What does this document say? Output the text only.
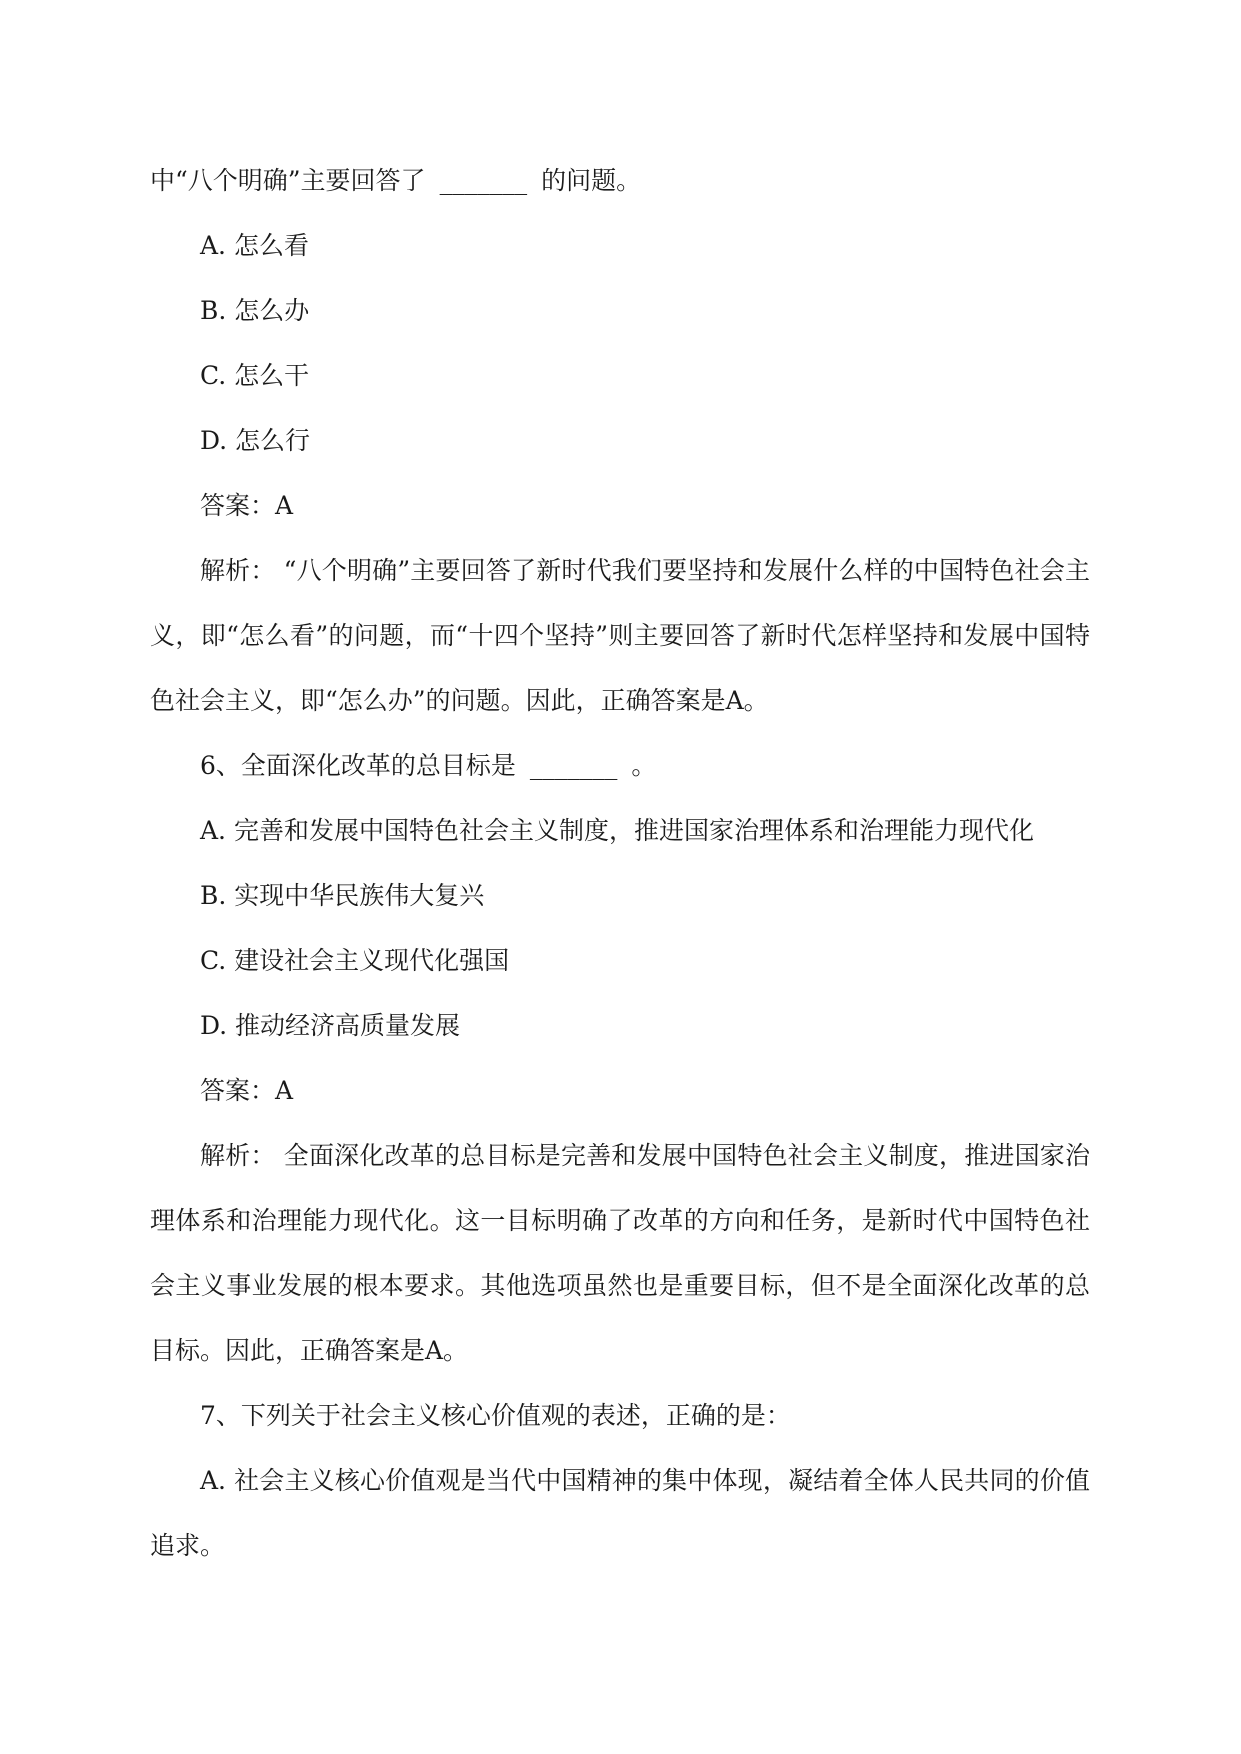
中“八个明确”主要回答了 _______ 的问题。
A. 怎么看
B. 怎么办
C. 怎么干
D. 怎么行
答案：A
解析： “八个明确”主要回答了新时代我们要坚持和发展什么样的中国特色社会主义，即“怎么看”的问题，而“十四个坚持”则主要回答了新时代怎样坚持和发展中国特色社会主义，即“怎么办”的问题。因此，正确答案是A。
6、全面深化改革的总目标是 _______ 。
A. 完善和发展中国特色社会主义制度，推进国家治理体系和治理能力现代化
B. 实现中华民族伟大复兴
C. 建设社会主义现代化强国
D. 推动经济高质量发展
答案：A
解析： 全面深化改革的总目标是完善和发展中国特色社会主义制度，推进国家治理体系和治理能力现代化。这一目标明确了改革的方向和任务，是新时代中国特色社会主义事业发展的根本要求。其他选项虽然也是重要目标，但不是全面深化改革的总目标。因此，正确答案是A。
7、下列关于社会主义核心价值观的表述，正确的是：
A. 社会主义核心价值观是当代中国精神的集中体现，凝结着全体人民共同的价值追求。
